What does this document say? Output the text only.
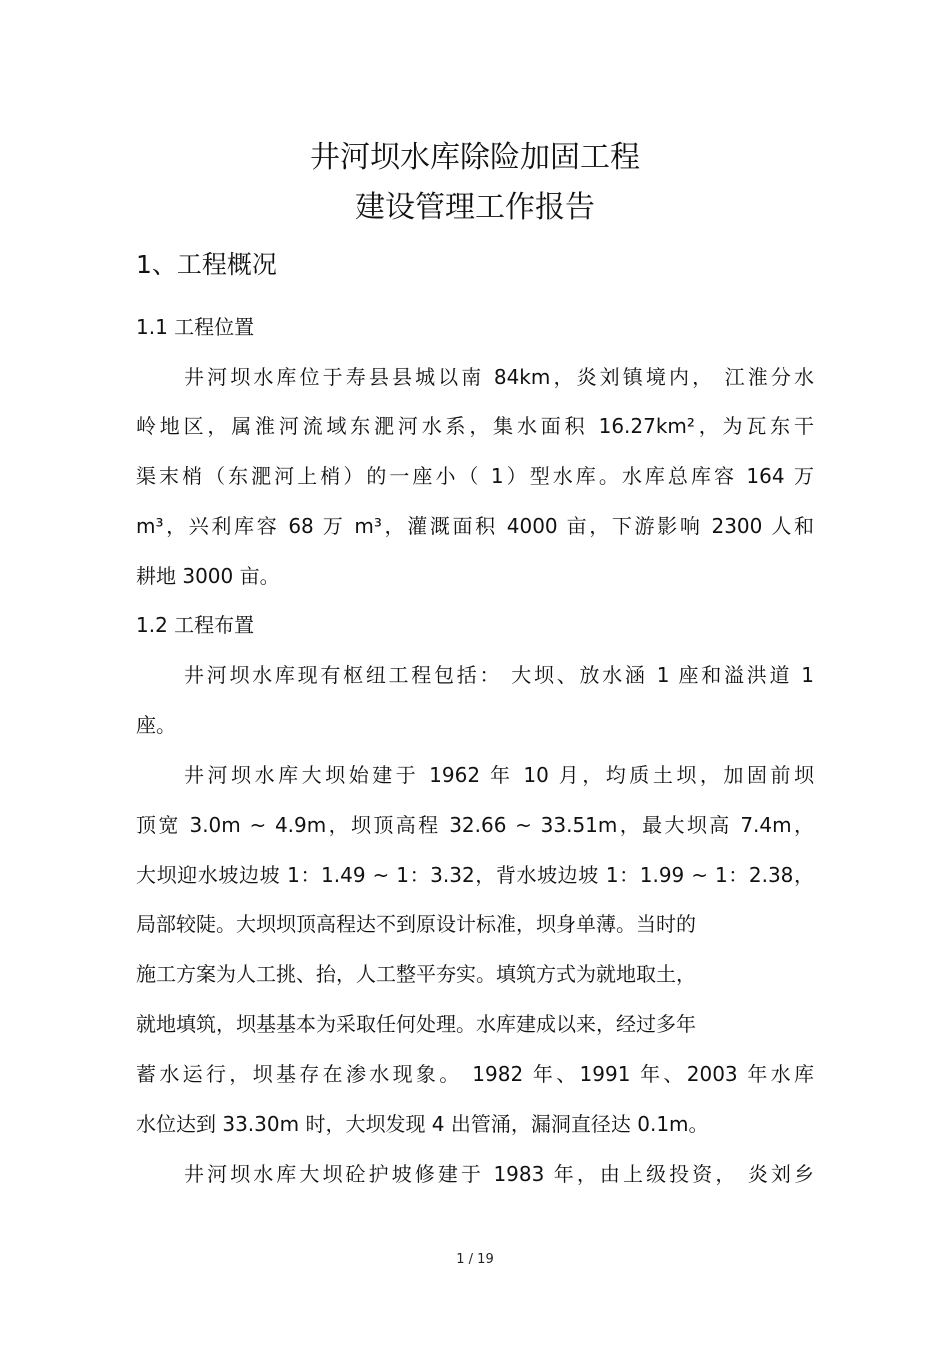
井河坝水库除险加固工程
建设管理工作报告
1、工程概况
1.1 工程位置
井河坝水库位于寿县县城以南 84km，炎刘镇境内， 江淮分水
岭地区，属淮河流域东淝河水系，集水面积 16.27km²，为瓦东干
渠末梢（东淝河上梢）的一座小（ 1）型水库。水库总库容 164 万
m³，兴利库容 68 万 m³，灌溉面积 4000 亩，下游影响 2300 人和
耕地 3000 亩。
1.2 工程布置
井河坝水库现有枢纽工程包括： 大坝、放水涵 1 座和溢洪道 1
座。
井河坝水库大坝始建于 1962 年 10 月，均质土坝，加固前坝
顶宽 3.0m ~ 4.9m，坝顶高程 32.66 ~ 33.51m，最大坝高 7.4m，
大坝迎水坡边坡 1：1.49 ~ 1：3.32，背水坡边坡 1：1.99 ~ 1：2.38，
局部较陡。大坝坝顶高程达不到原设计标准，坝身单薄。当时的
施工方案为人工挑、抬，人工整平夯实。填筑方式为就地取土，
就地填筑，坝基基本为采取任何处理。水库建成以来，经过多年
蓄水运行，坝基存在渗水现象。 1982 年、1991 年、2003 年水库
水位达到 33.30m 时，大坝发现 4 出管涌，漏洞直径达 0.1m。
井河坝水库大坝砼护坡修建于 1983 年，由上级投资， 炎刘乡
1 / 19
